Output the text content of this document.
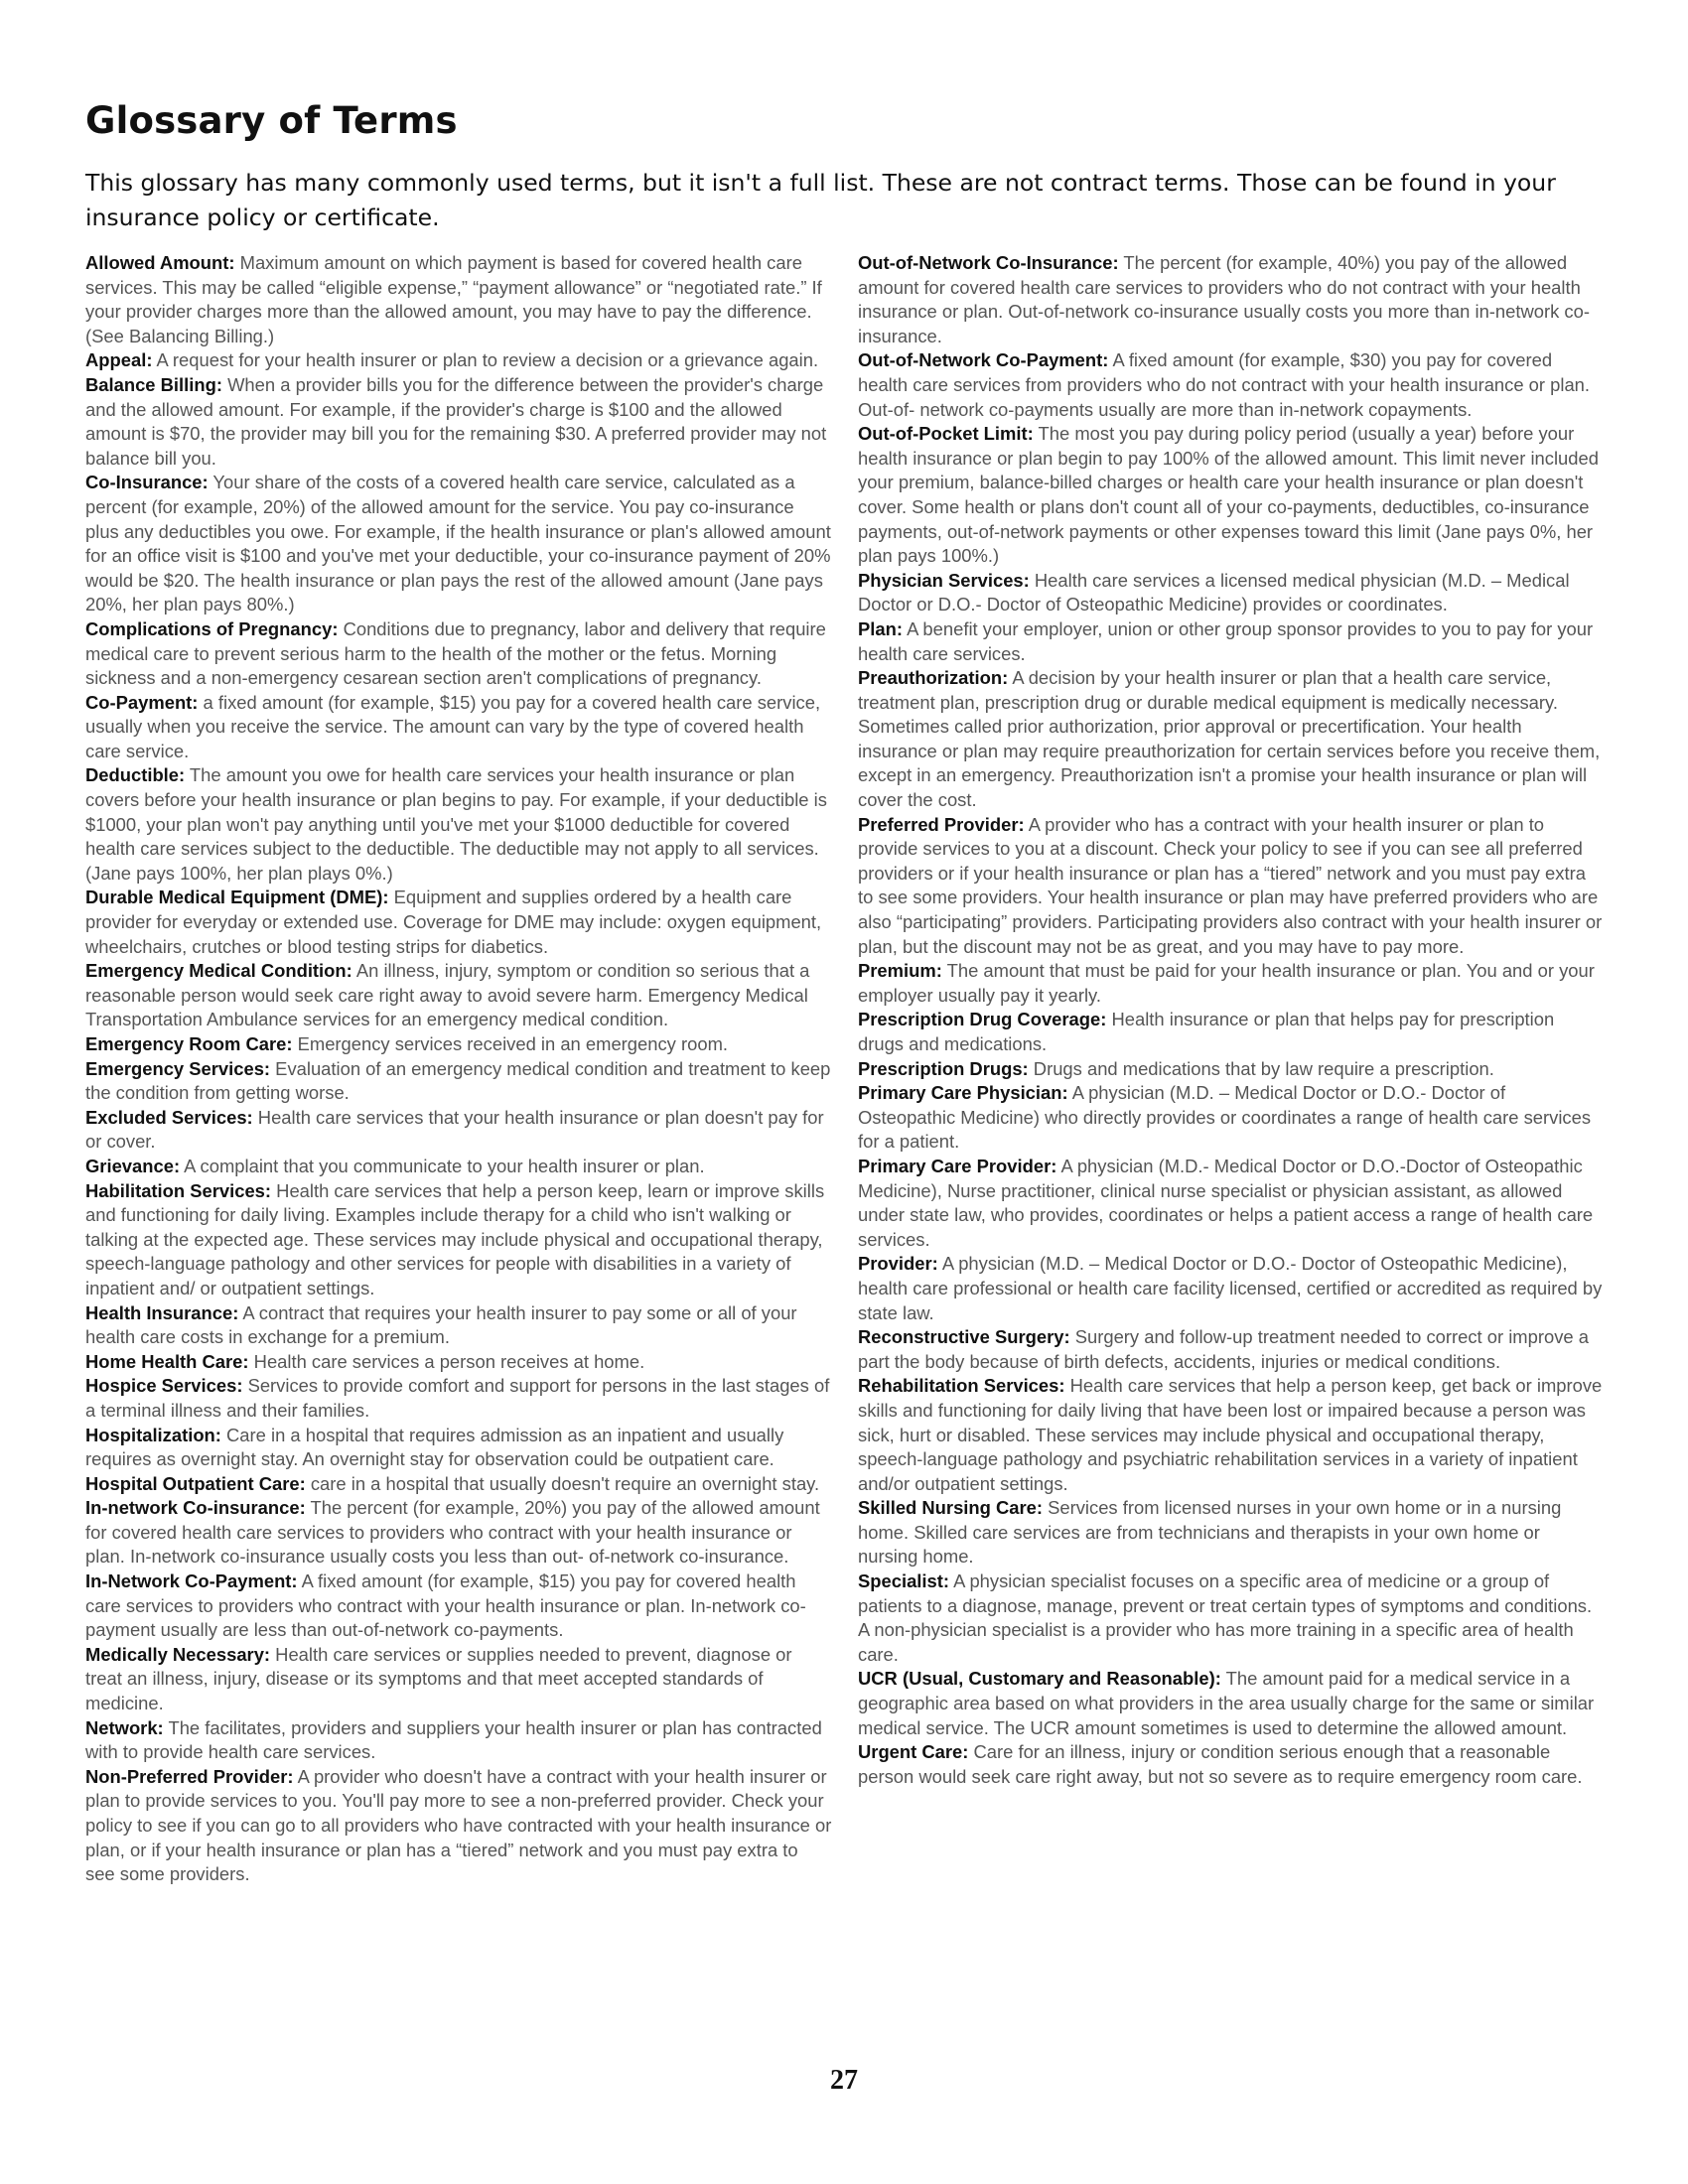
Glossary of Terms

This glossary has many commonly used terms, but it isn't a full list. These are not contract terms. Those can be found in your insurance policy or certificate.

Allowed Amount: Maximum amount on which payment is based for covered health care services. This may be called “eligible expense,” “payment allowance” or “negotiated rate.” If your provider charges more than the allowed amount, you may have to pay the difference. (See Balancing Billing.)

Appeal: A request for your health insurer or plan to review a decision or a grievance again.

Balance Billing: When a provider bills you for the difference between the provider's charge and the allowed amount. For example, if the provider's charge is $100 and the allowed amount is $70, the provider may bill you for the remaining $30. A preferred provider may not balance bill you.

Co-Insurance: Your share of the costs of a covered health care service, calculated as a percent (for example, 20%) of the allowed amount for the service. You pay co-insurance plus any deductibles you owe. For example, if the health insurance or plan's allowed amount for an office visit is $100 and you've met your deductible, your co-insurance payment of 20% would be $20. The health insurance or plan pays the rest of the allowed amount (Jane pays 20%, her plan pays 80%.)

Complications of Pregnancy: Conditions due to pregnancy, labor and delivery that require medical care to prevent serious harm to the health of the mother or the fetus. Morning sickness and a non-emergency cesarean section aren't complications of pregnancy.

Co-Payment: a fixed amount (for example, $15) you pay for a covered health care service, usually when you receive the service. The amount can vary by the type of covered health care service.

Deductible: The amount you owe for health care services your health insurance or plan covers before your health insurance or plan begins to pay. For example, if your deductible is $1000, your plan won't pay anything until you've met your $1000 deductible for covered health care services subject to the deductible. The deductible may not apply to all services. (Jane pays 100%, her plan plays 0%.)

Durable Medical Equipment (DME): Equipment and supplies ordered by a health care provider for everyday or extended use. Coverage for DME may include: oxygen equipment, wheelchairs, crutches or blood testing strips for diabetics.

Emergency Medical Condition: An illness, injury, symptom or condition so serious that a reasonable person would seek care right away to avoid severe harm. Emergency Medical Transportation Ambulance services for an emergency medical condition.

Emergency Room Care: Emergency services received in an emergency room.

Emergency Services: Evaluation of an emergency medical condition and treatment to keep the condition from getting worse.

Excluded Services: Health care services that your health insurance or plan doesn't pay for or cover.

Grievance: A complaint that you communicate to your health insurer or plan.

Habilitation Services: Health care services that help a person keep, learn or improve skills and functioning for daily living. Examples include therapy for a child who isn't walking or talking at the expected age. These services may include physical and occupational therapy, speech-language pathology and other services for people with disabilities in a variety of inpatient and/ or outpatient settings.

Health Insurance: A contract that requires your health insurer to pay some or all of your health care costs in exchange for a premium.

Home Health Care: Health care services a person receives at home.

Hospice Services: Services to provide comfort and support for persons in the last stages of a terminal illness and their families.

Hospitalization: Care in a hospital that requires admission as an inpatient and usually requires as overnight stay. An overnight stay for observation could be outpatient care.

Hospital Outpatient Care: care in a hospital that usually doesn't require an overnight stay.

In-network Co-insurance: The percent (for example, 20%) you pay of the allowed amount for covered health care services to providers who contract with your health insurance or plan. In-network co-insurance usually costs you less than out- of-network co-insurance.

In-Network Co-Payment: A fixed amount (for example, $15) you pay for covered health care services to providers who contract with your health insurance or plan. In-network co-payment usually are less than out-of-network co-payments.

Medically Necessary: Health care services or supplies needed to prevent, diagnose or treat an illness, injury, disease or its symptoms and that meet accepted standards of medicine.

Network: The facilitates, providers and suppliers your health insurer or plan has contracted with to provide health care services.

Non-Preferred Provider: A provider who doesn't have a contract with your health insurer or plan to provide services to you. You'll pay more to see a non-preferred provider. Check your policy to see if you can go to all providers who have contracted with your health insurance or plan, or if your health insurance or plan has a “tiered” network and you must pay extra to see some providers.

Out-of-Network Co-Insurance: The percent (for example, 40%) you pay of the allowed amount for covered health care services to providers who do not contract with your health insurance or plan. Out-of-network co-insurance usually costs you more than in-network co-insurance.

Out-of-Network Co-Payment: A fixed amount (for example, $30) you pay for covered health care services from providers who do not contract with your health insurance or plan. Out-of- network co-payments usually are more than in-network copayments.

Out-of-Pocket Limit: The most you pay during policy period (usually a year) before your health insurance or plan begin to pay 100% of the allowed amount. This limit never included your premium, balance-billed charges or health care your health insurance or plan doesn't cover. Some health or plans don't count all of your co-payments, deductibles, co-insurance payments, out-of-network payments or other expenses toward this limit (Jane pays 0%, her plan pays 100%.)

Physician Services: Health care services a licensed medical physician (M.D. – Medical Doctor or D.O.- Doctor of Osteopathic Medicine) provides or coordinates.

Plan: A benefit your employer, union or other group sponsor provides to you to pay for your health care services.

Preauthorization: A decision by your health insurer or plan that a health care service, treatment plan, prescription drug or durable medical equipment is medically necessary. Sometimes called prior authorization, prior approval or precertification. Your health insurance or plan may require preauthorization for certain services before you receive them, except in an emergency. Preauthorization isn't a promise your health insurance or plan will cover the cost.

Preferred Provider: A provider who has a contract with your health insurer or plan to provide services to you at a discount. Check your policy to see if you can see all preferred providers or if your health insurance or plan has a “tiered” network and you must pay extra to see some providers. Your health insurance or plan may have preferred providers who are also “participating” providers. Participating providers also contract with your health insurer or plan, but the discount may not be as great, and you may have to pay more.

Premium: The amount that must be paid for your health insurance or plan. You and or your employer usually pay it yearly.

Prescription Drug Coverage: Health insurance or plan that helps pay for prescription drugs and medications.

Prescription Drugs: Drugs and medications that by law require a prescription.

Primary Care Physician: A physician (M.D. – Medical Doctor or D.O.- Doctor of Osteopathic Medicine) who directly provides or coordinates a range of health care services for a patient.

Primary Care Provider: A physician (M.D.- Medical Doctor or D.O.-Doctor of Osteopathic Medicine), Nurse practitioner, clinical nurse specialist or physician assistant, as allowed under state law, who provides, coordinates or helps a patient access a range of health care services.

Provider: A physician (M.D. – Medical Doctor or D.O.- Doctor of Osteopathic Medicine), health care professional or health care facility licensed, certified or accredited as required by state law.

Reconstructive Surgery: Surgery and follow-up treatment needed to correct or improve a part the body because of birth defects, accidents, injuries or medical conditions.

Rehabilitation Services: Health care services that help a person keep, get back or improve skills and functioning for daily living that have been lost or impaired because a person was sick, hurt or disabled. These services may include physical and occupational therapy, speech-language pathology and psychiatric rehabilitation services in a variety of inpatient and/or outpatient settings.

Skilled Nursing Care: Services from licensed nurses in your own home or in a nursing home. Skilled care services are from technicians and therapists in your own home or nursing home.

Specialist: A physician specialist focuses on a specific area of medicine or a group of patients to a diagnose, manage, prevent or treat certain types of symptoms and conditions. A non-physician specialist is a provider who has more training in a specific area of health care.

UCR (Usual, Customary and Reasonable): The amount paid for a medical service in a geographic area based on what providers in the area usually charge for the same or similar medical service. The UCR amount sometimes is used to determine the allowed amount.

Urgent Care: Care for an illness, injury or condition serious enough that a reasonable person would seek care right away, but not so severe as to require emergency room care.

27
